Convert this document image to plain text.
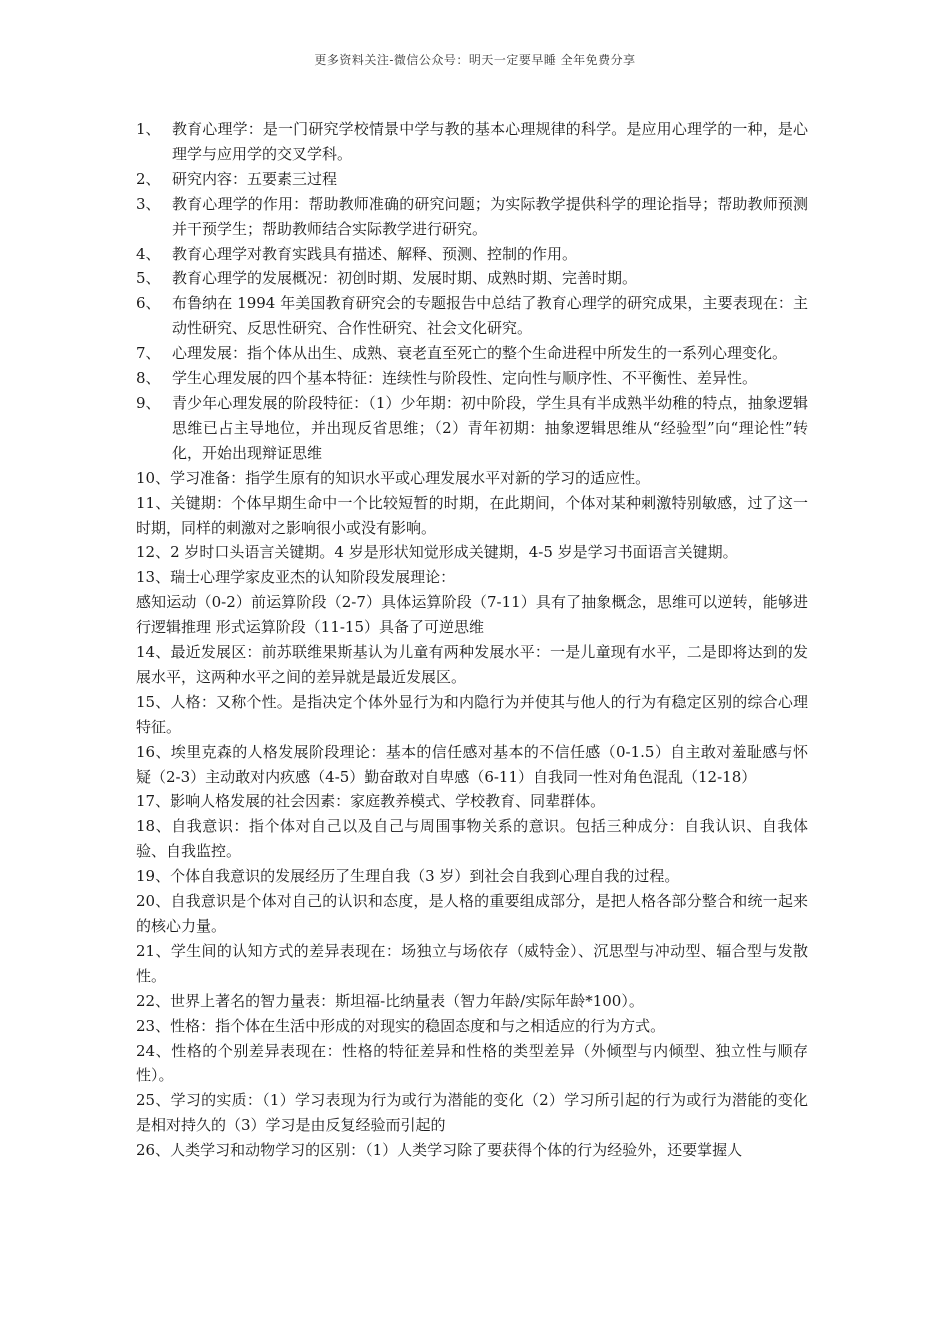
更多资料关注-微信公众号：明天一定要早睡 全年免费分享
1、 教育心理学：是一门研究学校情景中学与教的基本心理规律的科学。是应用心理学的一种，是心理学与应用学的交叉学科。
2、 研究内容：五要素三过程
3、 教育心理学的作用：帮助教师准确的研究问题；为实际教学提供科学的理论指导；帮助教师预测并干预学生；帮助教师结合实际教学进行研究。
4、 教育心理学对教育实践具有描述、解释、预测、控制的作用。
5、 教育心理学的发展概况：初创时期、发展时期、成熟时期、完善时期。
6、 布鲁纳在 1994 年美国教育研究会的专题报告中总结了教育心理学的研究成果，主要表现在：主动性研究、反思性研究、合作性研究、社会文化研究。
7、 心理发展：指个体从出生、成熟、衰老直至死亡的整个生命进程中所发生的一系列心理变化。
8、 学生心理发展的四个基本特征：连续性与阶段性、定向性与顺序性、不平衡性、差异性。
9、 青少年心理发展的阶段特征：（1）少年期：初中阶段，学生具有半成熟半幼稚的特点，抽象逻辑思维已占主导地位，并出现反省思维；（2）青年初期：抽象逻辑思维从“经验型”向“理论性”转化，开始出现辩证思维

10、学习准备：指学生原有的知识水平或心理发展水平对新的学习的适应性。

11、关键期：个体早期生命中一个比较短暂的时期，在此期间，个体对某种刺激特别敏感，过了这一时期，同样的刺激对之影响很小或没有影响。

12、2 岁时口头语言关键期。4 岁是形状知觉形成关键期，4-5 岁是学习书面语言关键期。

13、瑞士心理学家皮亚杰的认知阶段发展理论：

感知运动（0-2）前运算阶段（2-7）具体运算阶段（7-11）具有了抽象概念，思维可以逆转，能够进行逻辑推理 形式运算阶段（11-15）具备了可逆思维

14、最近发展区：前苏联维果斯基认为儿童有两种发展水平：一是儿童现有水平，二是即将达到的发展水平，这两种水平之间的差异就是最近发展区。

15、人格：又称个性。是指决定个体外显行为和内隐行为并使其与他人的行为有稳定区别的综合心理特征。

16、埃里克森的人格发展阶段理论：基本的信任感对基本的不信任感（0-1.5）自主敢对羞耻感与怀疑（2-3）主动敢对内疚感（4-5）勤奋敢对自卑感（6-11）自我同一性对角色混乱（12-18）

17、影响人格发展的社会因素：家庭教养模式、学校教育、同辈群体。

18、自我意识：指个体对自己以及自己与周围事物关系的意识。包括三种成分：自我认识、自我体验、自我监控。

19、个体自我意识的发展经历了生理自我（3 岁）到社会自我到心理自我的过程。

20、自我意识是个体对自己的认识和态度，是人格的重要组成部分，是把人格各部分整合和统一起来的核心力量。

21、学生间的认知方式的差异表现在：场独立与场依存（威特金）、沉思型与冲动型、辐合型与发散性。

22、世界上著名的智力量表：斯坦福-比纳量表（智力年龄/实际年龄*100）。

23、性格：指个体在生活中形成的对现实的稳固态度和与之相适应的行为方式。

24、性格的个别差异表现在：性格的特征差异和性格的类型差异（外倾型与内倾型、独立性与顺存性）。

25、学习的实质：（1）学习表现为行为或行为潜能的变化（2）学习所引起的行为或行为潜能的变化是相对持久的（3）学习是由反复经验而引起的

26、人类学习和动物学习的区别：（1）人类学习除了要获得个体的行为经验外，还要掌握人
